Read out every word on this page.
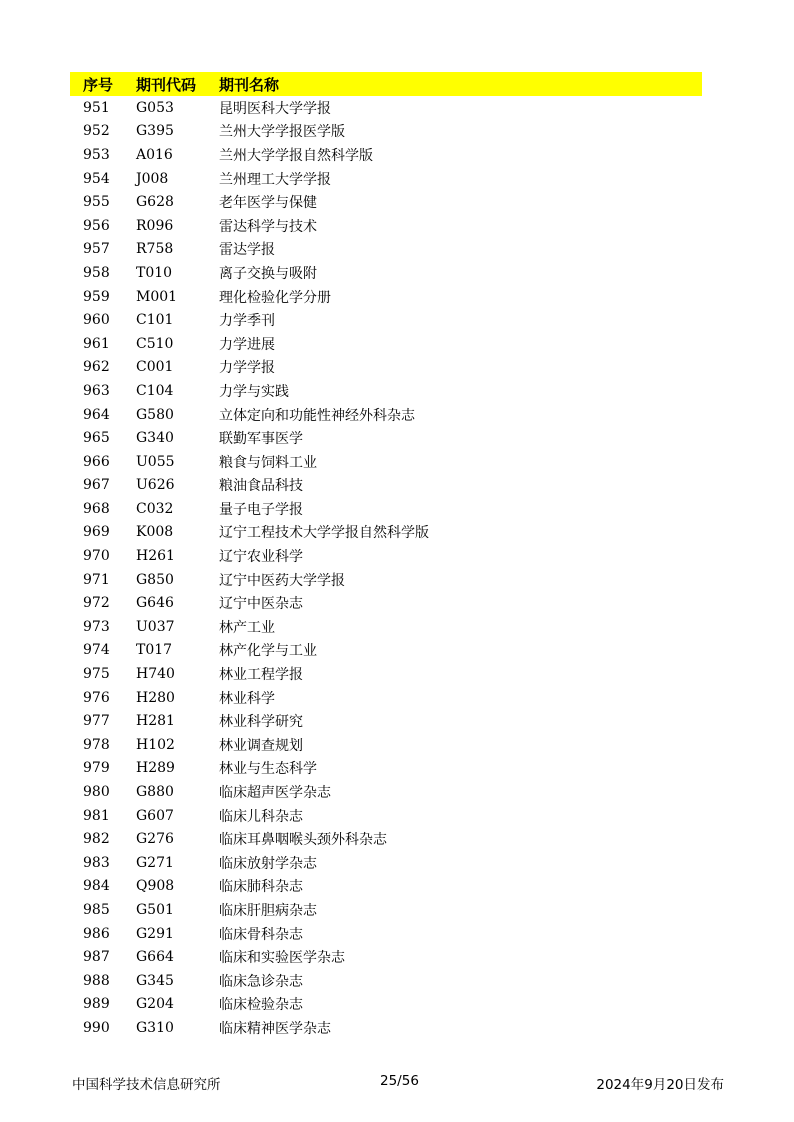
序号	期刊代码	期刊名称
951	G053	昆明医科大学学报
952	G395	兰州大学学报医学版
953	A016	兰州大学学报自然科学版
954	J008	兰州理工大学学报
955	G628	老年医学与保健
956	R096	雷达科学与技术
957	R758	雷达学报
958	T010	离子交换与吸附
959	M001	理化检验化学分册
960	C101	力学季刊
961	C510	力学进展
962	C001	力学学报
963	C104	力学与实践
964	G580	立体定向和功能性神经外科杂志
965	G340	联勤军事医学
966	U055	粮食与饲料工业
967	U626	粮油食品科技
968	C032	量子电子学报
969	K008	辽宁工程技术大学学报自然科学版
970	H261	辽宁农业科学
971	G850	辽宁中医药大学学报
972	G646	辽宁中医杂志
973	U037	林产工业
974	T017	林产化学与工业
975	H740	林业工程学报
976	H280	林业科学
977	H281	林业科学研究
978	H102	林业调查规划
979	H289	林业与生态科学
980	G880	临床超声医学杂志
981	G607	临床儿科杂志
982	G276	临床耳鼻咽喉头颈外科杂志
983	G271	临床放射学杂志
984	Q908	临床肺科杂志
985	G501	临床肝胆病杂志
986	G291	临床骨科杂志
987	G664	临床和实验医学杂志
988	G345	临床急诊杂志
989	G204	临床检验杂志
990	G310	临床精神医学杂志
中国科学技术信息研究所	25/56	2024年9月20日发布
